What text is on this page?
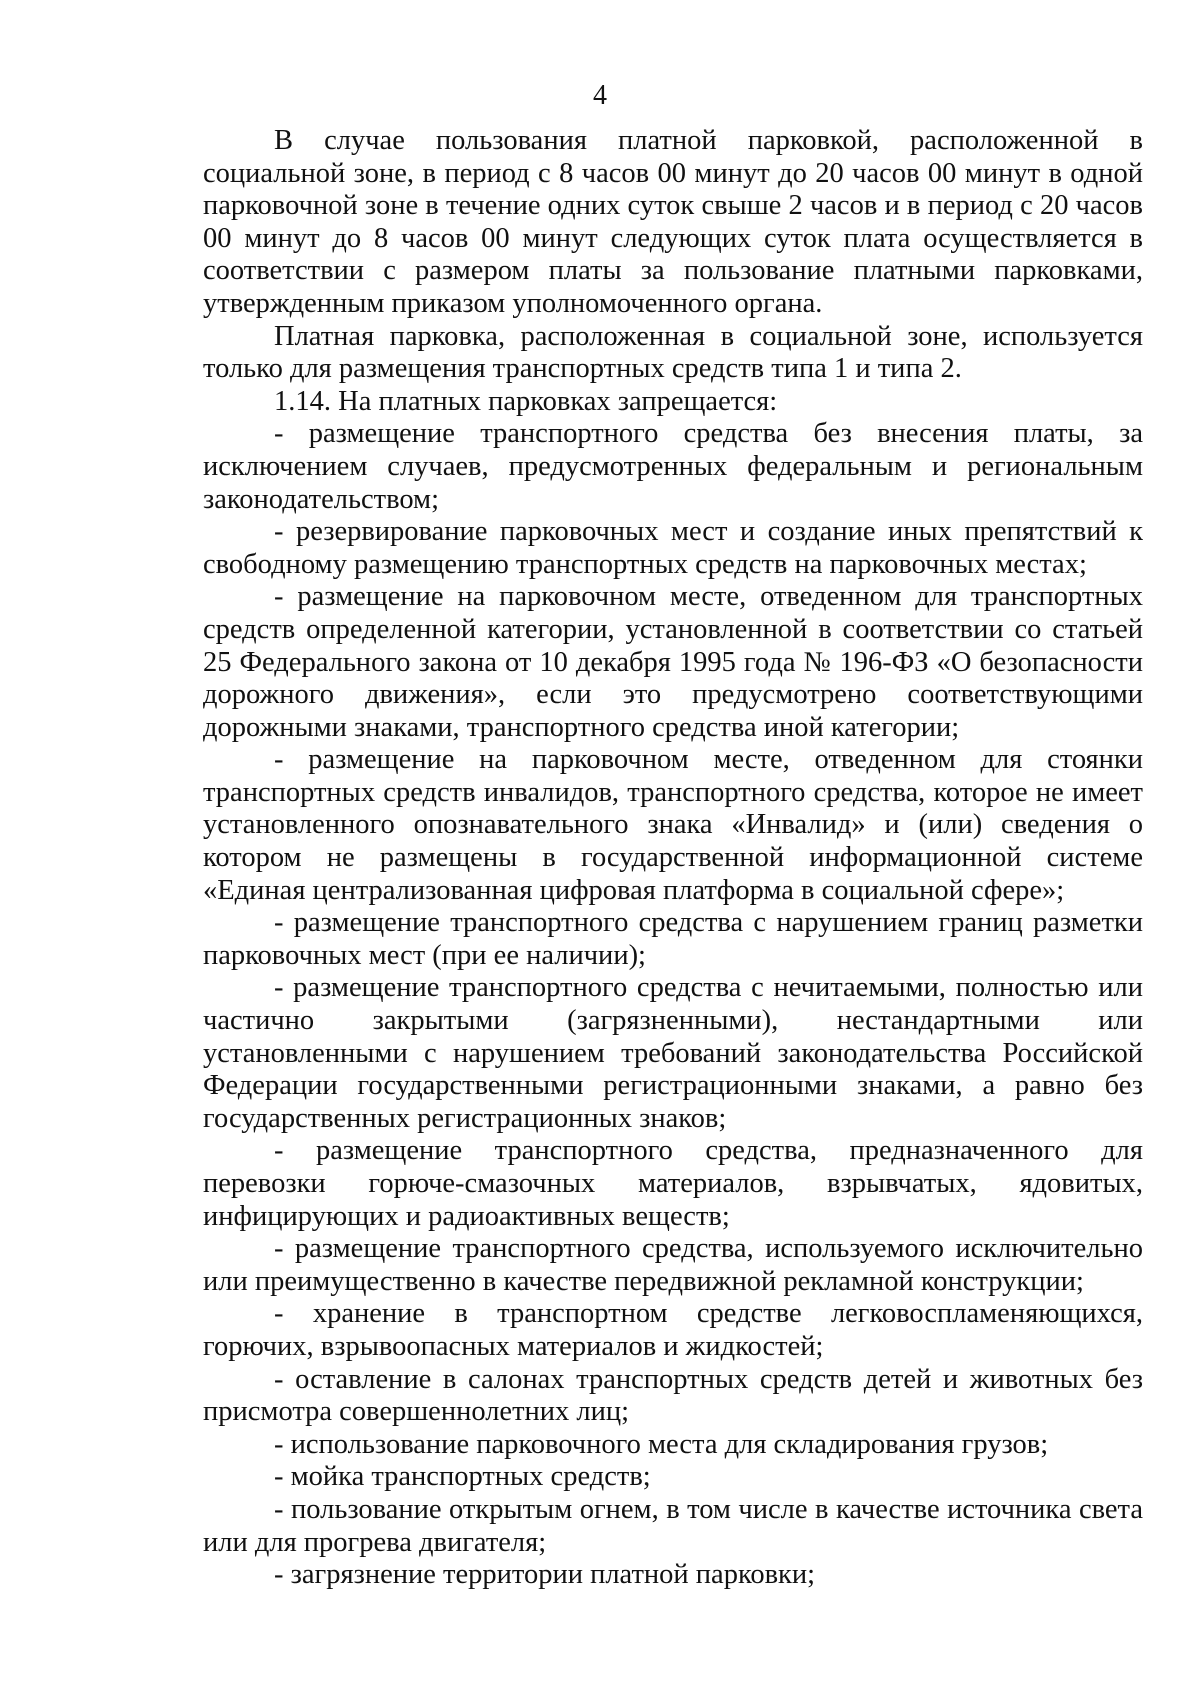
4

В случае пользования платной парковкой, расположенной в социальной зоне, в период с 8 часов 00 минут до 20 часов 00 минут в одной парковочной зоне в течение одних суток свыше 2 часов и в период с 20 часов 00 минут до 8 часов 00 минут следующих суток плата осуществляется в соответствии с размером платы за пользование платными парковками, утвержденным приказом уполномоченного органа.

Платная парковка, расположенная в социальной зоне, используется только для размещения транспортных средств типа 1 и типа 2.

1.14. На платных парковках запрещается:

- размещение транспортного средства без внесения платы, за исключением случаев, предусмотренных федеральным и региональным законодательством;

- резервирование парковочных мест и создание иных препятствий к свободному размещению транспортных средств на парковочных местах;

- размещение на парковочном месте, отведенном для транспортных средств определенной категории, установленной в соответствии со статьей 25 Федерального закона от 10 декабря 1995 года № 196-ФЗ «О безопасности дорожного движения», если это предусмотрено соответствующими дорожными знаками, транспортного средства иной категории;

- размещение на парковочном месте, отведенном для стоянки транспортных средств инвалидов, транспортного средства, которое не имеет установленного опознавательного знака «Инвалид» и (или) сведения о котором не размещены в государственной информационной системе «Единая централизованная цифровая платформа в социальной сфере»;

- размещение транспортного средства с нарушением границ разметки парковочных мест (при ее наличии);

- размещение транспортного средства с нечитаемыми, полностью или частично закрытыми (загрязненными), нестандартными или установленными с нарушением требований законодательства Российской Федерации государственными регистрационными знаками, а равно без государственных регистрационных знаков;

- размещение транспортного средства, предназначенного для перевозки горюче-смазочных материалов, взрывчатых, ядовитых, инфицирующих и радиоактивных веществ;

- размещение транспортного средства, используемого исключительно или преимущественно в качестве передвижной рекламной конструкции;

- хранение в транспортном средстве легковоспламеняющихся, горючих, взрывоопасных материалов и жидкостей;

- оставление в салонах транспортных средств детей и животных без присмотра совершеннолетних лиц;

- использование парковочного места для складирования грузов;

- мойка транспортных средств;

- пользование открытым огнем, в том числе в качестве источника света или для прогрева двигателя;

- загрязнение территории платной парковки;
